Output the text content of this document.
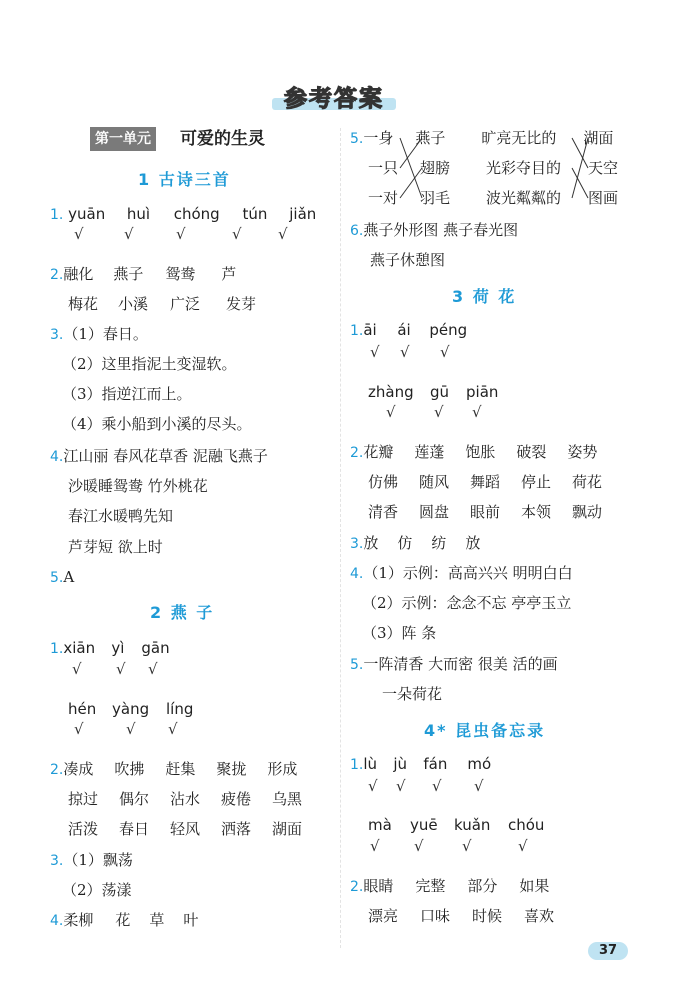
参考答案
第一单元 可爱的生灵
1 古诗三首
1. yuān huì chóng tún jiǎn
√	√	√	√ √
2.融化 燕子 鸳鸯 芦
梅花 小溪 广泛 发芽
3.（1）春日。
（2）这里指泥土变湿软。
（3）指逆江而上。
（4）乘小船到小溪的尽头。
4.江山丽 春风花草香 泥融飞燕子
沙暖睡鸳鸯 竹外桃花
春江水暖鸭先知
芦芽短 欲上时
5.A
2 燕 子
1.xiān yì gān
√ √ √
hén yàng líng
√	√ √
2.凑成 吹拂 赶集 聚拢 形成
掠过 偶尔 沾水 疲倦 乌黑
活泼 春日 轻风 洒落 湖面
3.（1）飘荡
（2）荡漾
4.柔柳 花 草 叶
5.一身 燕子 旷亮无比的 湖面
一只 翅膀 光彩夺目的 天空
一对 羽毛 波光粼粼的 图画
6.燕子外形图 燕子春光图
燕子休憩图
3 荷 花
1.āi ái péng
√ √ √
zhàng gū piān
√	√ √
2.花瓣 莲蓬 饱胀 破裂 姿势
仿佛 随风 舞蹈 停止 荷花
清香 圆盘 眼前 本领 飘动
3.放 仿 纺 放
4.（1）示例：高高兴兴 明明白白
（2）示例：念念不忘 亭亭玉立
（3）阵 条
5.一阵清香 大而密 很美 活的画
一朵荷花
4* 昆虫备忘录
1.lù jù fán mó
√ √ √ √
mà yuē kuǎn chóu
√ √	√	√
2.眼睛 完整 部分 如果
漂亮 口味 时候 喜欢
37
